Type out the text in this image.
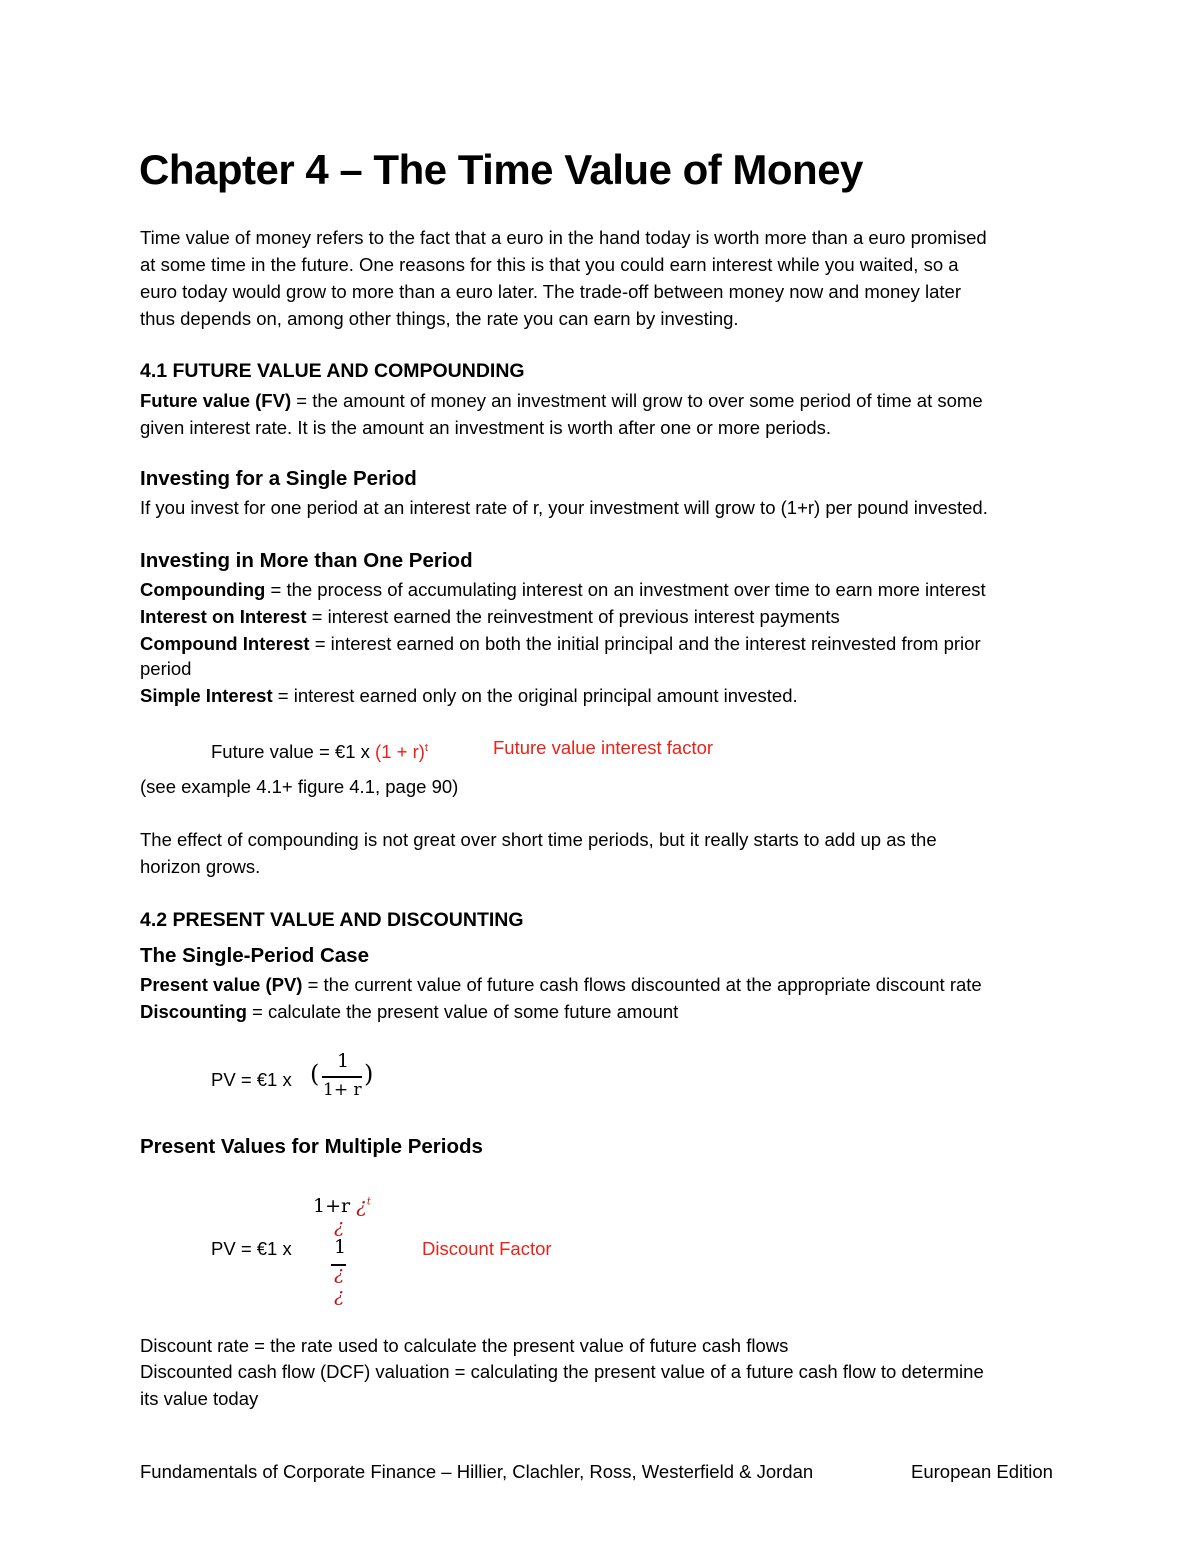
Chapter 4 – The Time Value of Money
Time value of money refers to the fact that a euro in the hand today is worth more than a euro promised
at some time in the future. One reasons for this is that you could earn interest while you waited, so a
euro today would grow to more than a euro later. The trade-off between money now and money later
thus depends on, among other things, the rate you can earn by investing.
4.1 FUTURE VALUE AND COMPOUNDING
Future value (FV) = the amount of money an investment will grow to over some period of time at some
given interest rate. It is the amount an investment is worth after one or more periods.
Investing for a Single Period
If you invest for one period at an interest rate of r, your investment will grow to (1+r) per pound invested.
Investing in More than One Period
Compounding = the process of accumulating interest on an investment over time to earn more interest
Interest on Interest = interest earned the reinvestment of previous interest payments
Compound Interest = interest earned on both the initial principal and the interest reinvested from prior
period
Simple Interest = interest earned only on the original principal amount invested.
Future value = €1 x $(1 + r)^t$	Future value interest factor
(see example 4.1+ figure 4.1, page 90)
The effect of compounding is not great over short time periods, but it really starts to add up as the
horizon grows.
4.2 PRESENT VALUE AND DISCOUNTING
The Single-Period Case
Present value (PV) = the current value of future cash flows discounted at the appropriate discount rate
Discounting = calculate the present value of some future amount
PV = €1 x ( 1
1+ r
)
Present Values for Multiple Periods
1+r ¿$^t$
¿
PV = €1 x 1
¿
¿
Discount Factor
Discount rate = the rate used to calculate the present value of future cash flows
Discounted cash flow (DCF) valuation = calculating the present value of a future cash flow to determine
its value today
Fundamentals of Corporate Finance – Hillier, Clachler, Ross, Westerfield & Jordan	European Edition
